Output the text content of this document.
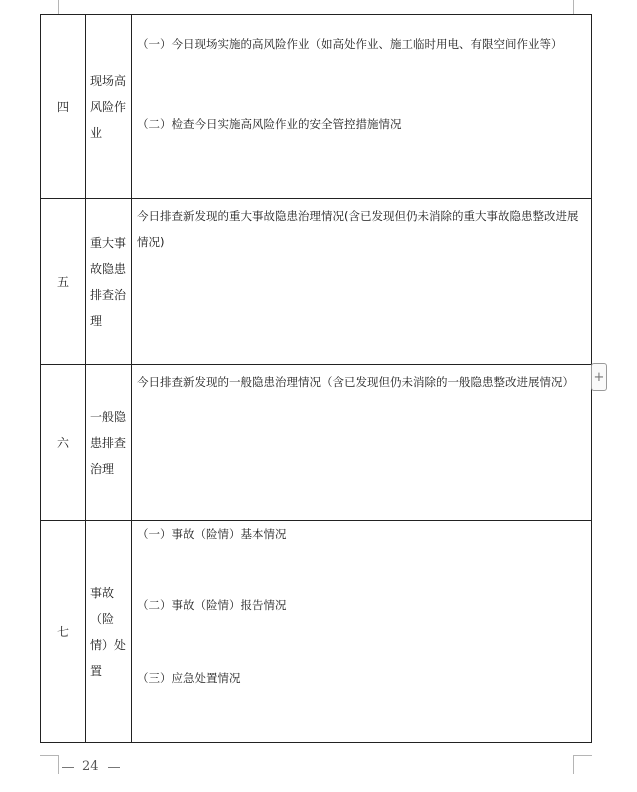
四	现场高风险作业	（一）今日现场实施的高风险作业（如高处作业、施工临时用电、有限空间作业等）
（二）检查今日实施高风险作业的安全管控措施情况

五	重大事故隐患排查治理	今日排查新发现的重大事故隐患治理情况(含已发现但仍未消除的重大事故隐患整改进展情况)

六	一般隐患排查治理	今日排查新发现的一般隐患治理情况（含已发现但仍未消除的一般隐患整改进展情况）

七	事故（险情）处置	（一）事故（险情）基本情况
（二）事故（险情）报告情况
（三）应急处置情况
+
24
